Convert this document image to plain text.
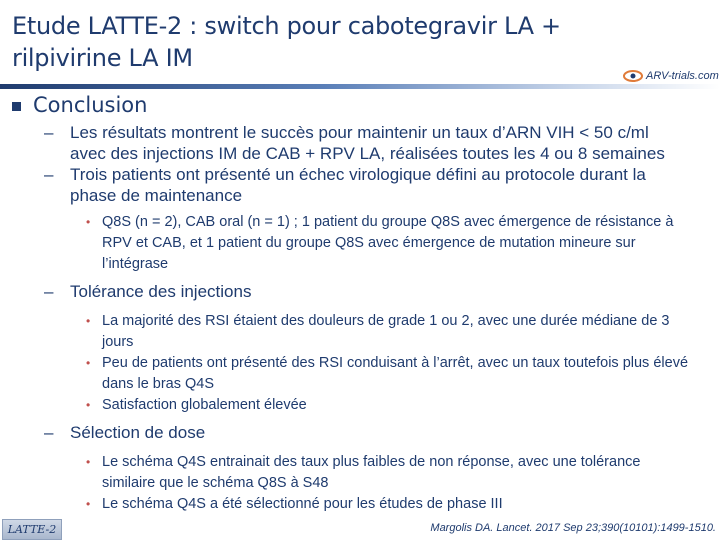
Etude LATTE-2 : switch pour cabotegravir LA + rilpivirine LA IM
ARV-trials.com
Conclusion
– Les résultats montrent le succès pour maintenir un taux d’ARN VIH < 50 c/ml avec des injections IM de CAB + RPV LA, réalisées toutes les 4 ou 8 semaines
– Trois patients ont présenté un échec virologique défini au protocole durant la phase de maintenance
• Q8S (n = 2), CAB oral (n = 1) ; 1 patient du groupe Q8S avec émergence de résistance à RPV et CAB, et 1 patient du groupe Q8S avec émergence de mutation mineure sur l’intégrase
– Tolérance des injections
• La majorité des RSI étaient des douleurs de grade 1 ou 2, avec une durée médiane de 3 jours
• Peu de patients ont présenté des RSI conduisant à l’arrêt, avec un taux toutefois plus élevé dans le bras Q4S
• Satisfaction globalement élevée
– Sélection de dose
• Le schéma Q4S entrainait des taux plus faibles de non réponse, avec une tolérance similaire que le schéma Q8S à S48
• Le schéma Q4S a été sélectionné pour les études de phase III
LATTE-2	Margolis DA. Lancet. 2017 Sep 23;390(10101):1499-1510.
